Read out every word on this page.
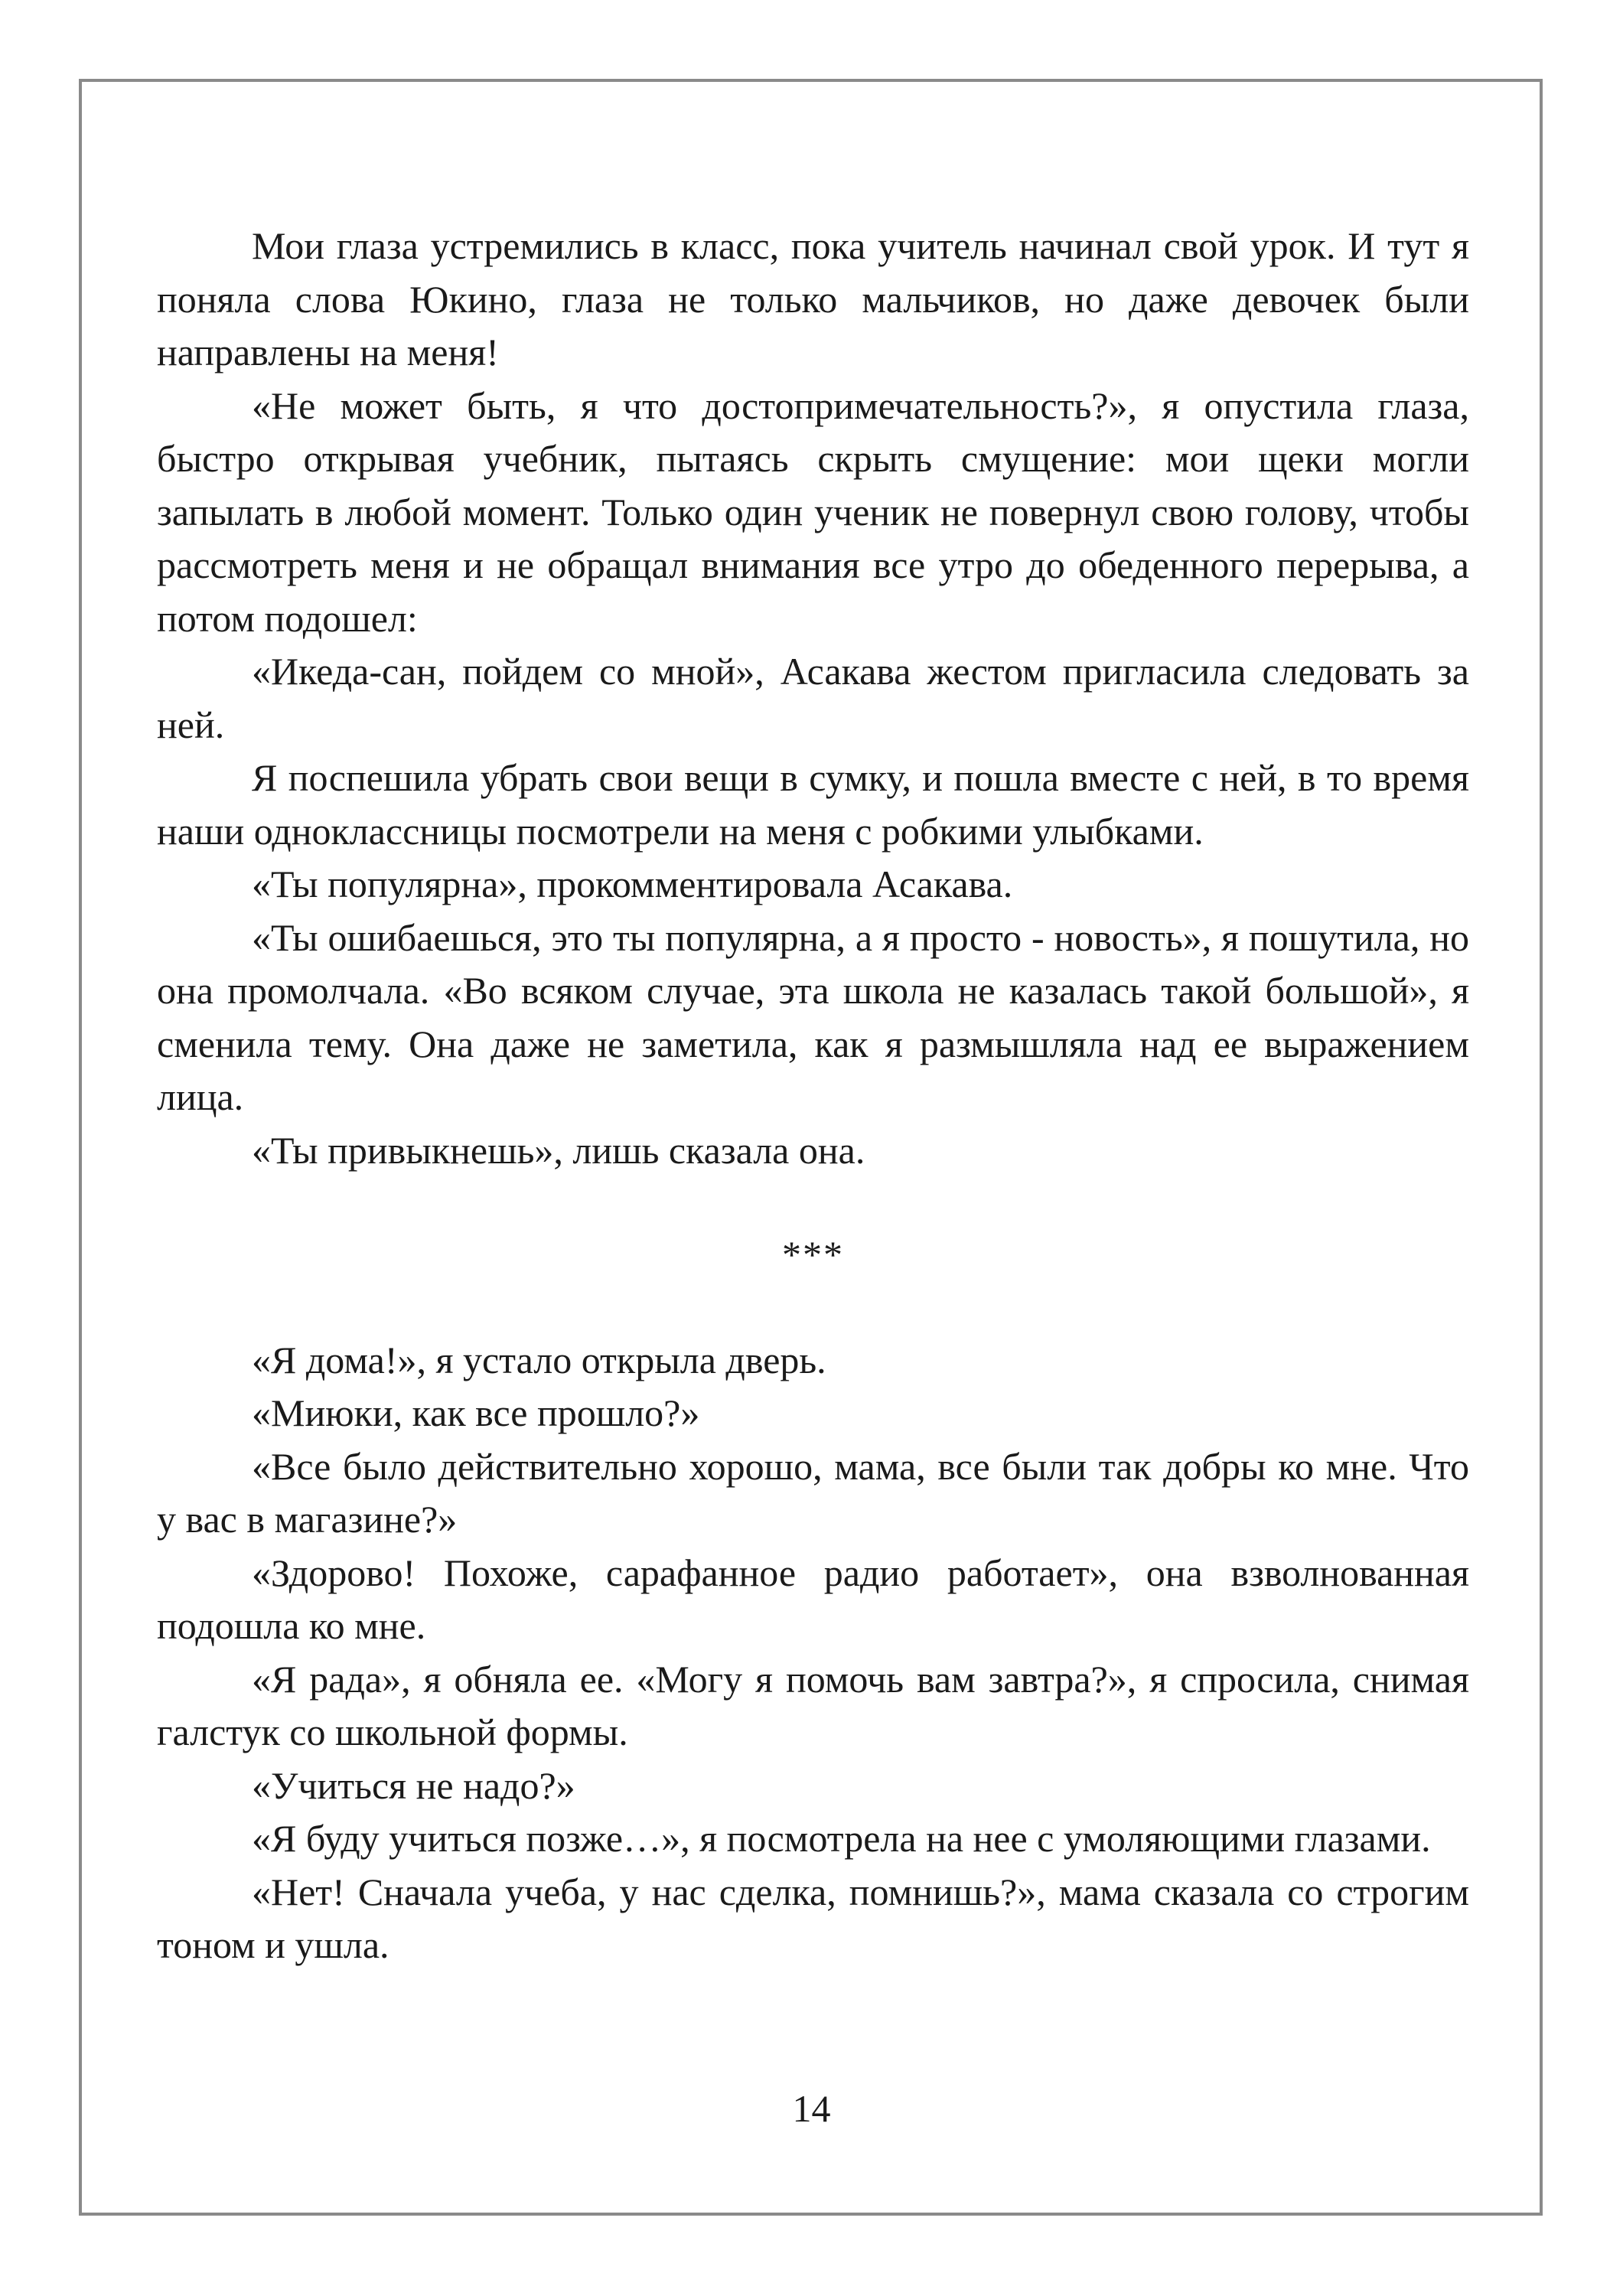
Мои глаза устремились в класс, пока учитель начинал свой урок. И тут я поняла слова Юкино, глаза не только мальчиков, но даже девочек были направлены на меня!

«Не может быть, я что достопримечательность?», я опустила глаза, быстро открывая учебник, пытаясь скрыть смущение: мои щеки могли запылать в любой момент. Только один ученик не повернул свою голову, чтобы рассмотреть меня и не обращал внимания все утро до обеденного перерыва, а потом подошел:

«Икеда-сан, пойдем со мной», Асакава жестом пригласила следовать за ней.

Я поспешила убрать свои вещи в сумку, и пошла вместе с ней, в то время наши одноклассницы посмотрели на меня с робкими улыбками.

«Ты популярна», прокомментировала Асакава.

«Ты ошибаешься, это ты популярна, а я просто - новость», я пошутила, но она промолчала. «Во всяком случае, эта школа не казалась такой большой», я сменила тему. Она даже не заметила, как я размышляла над ее выражением лица.

«Ты привыкнешь», лишь сказала она.

***

«Я дома!», я устало открыла дверь.

«Миюки, как все прошло?»

«Все было действительно хорошо, мама, все были так добры ко мне. Что у вас в магазине?»

«Здорово! Похоже, сарафанное радио работает», она взволнованная подошла ко мне.

«Я рада», я обняла ее. «Могу я помочь вам завтра?», я спросила, снимая галстук со школьной формы.

«Учиться не надо?»

«Я буду учиться позже…», я посмотрела на нее с умоляющими глазами.

«Нет! Сначала учеба, у нас сделка, помнишь?», мама сказала со строгим тоном и ушла.

14
